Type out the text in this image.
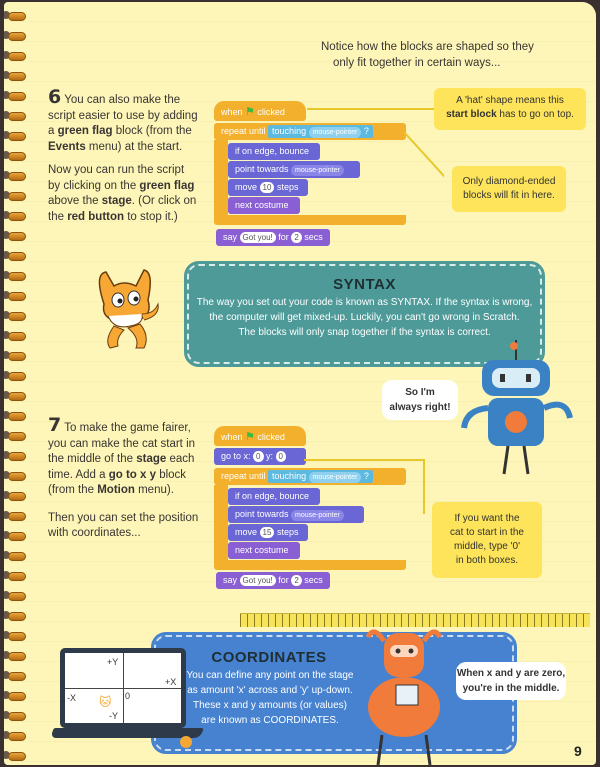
Notice how the blocks are shaped so they
only fit together in certain ways...
6 You can also make the
script easier to use by adding
a green flag block (from the
Events menu) at the start.
Now you can run the script
by clicking on the green flag
above the stage. (Or click on
the red button to stop it.)
when ⚑ clicked
repeat until touching mouse-pointer ?
if on edge, bounce
point towards mouse-pointer
move 10 steps
next costume
say Got you! for 2 secs
A 'hat' shape means this
start block has to go on top.
Only diamond-ended
blocks will fit in here.
SYNTAX
The way you set out your code is known as SYNTAX. If the syntax is wrong,
the computer will get mixed-up. Luckily, you can't go wrong in Scratch.
The blocks will only snap together if the syntax is correct.
So I'm
always right!
7 To make the game fairer,
you can make the cat start in
the middle of the stage each
time. Add a go to x y block
(from the Motion menu).
Then you can set the position
with coordinates...
when ⚑ clicked
go to x: 0 y: 0
repeat until touching mouse-pointer ?
if on edge, bounce
point towards mouse-pointer
move 15 steps
next costume
say Got you! for 2 secs
If you want the
cat to start in the
middle, type '0'
in both boxes.
COORDINATES
You can define any point on the stage
as amount 'x' across and 'y' up-down.
These x and y amounts (or values)
are known as COORDINATES.
+Y
-Y
+X
-X	0
🐱
When x and y are zero,
you're in the middle.
9
